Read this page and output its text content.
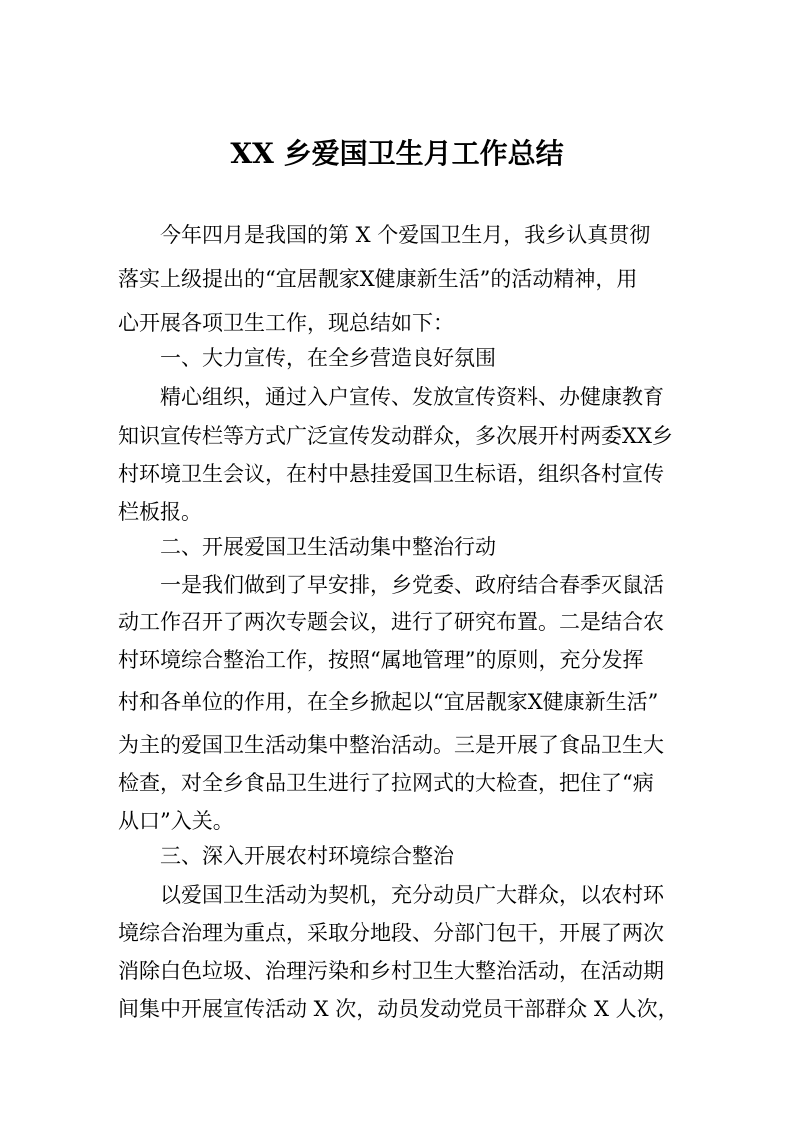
XX 乡爱国卫生月工作总结
今年四月是我国的第 X 个爱国卫生月，我乡认真贯彻
落实上级提出的“宜居靓家X健康新生活”的活动精神，用
心开展各项卫生工作，现总结如下：
一、大力宣传，在全乡营造良好氛围
精心组织，通过入户宣传、发放宣传资料、办健康教育
知识宣传栏等方式广泛宣传发动群众，多次展开村两委XX乡
村环境卫生会议，在村中悬挂爱国卫生标语，组织各村宣传
栏板报。
二、开展爱国卫生活动集中整治行动
一是我们做到了早安排，乡党委、政府结合春季灭鼠活
动工作召开了两次专题会议，进行了研究布置。二是结合农
村环境综合整治工作，按照“属地管理”的原则，充分发挥
村和各单位的作用，在全乡掀起以“宜居靓家X健康新生活”
为主的爱国卫生活动集中整治活动。三是开展了食品卫生大
检查，对全乡食品卫生进行了拉网式的大检查，把住了“病
从口”入关。
三、深入开展农村环境综合整治
以爱国卫生活动为契机，充分动员广大群众，以农村环
境综合治理为重点，采取分地段、分部门包干，开展了两次
消除白色垃圾、治理污染和乡村卫生大整治活动，在活动期
间集中开展宣传活动 X 次，动员发动党员干部群众 X 人次，
